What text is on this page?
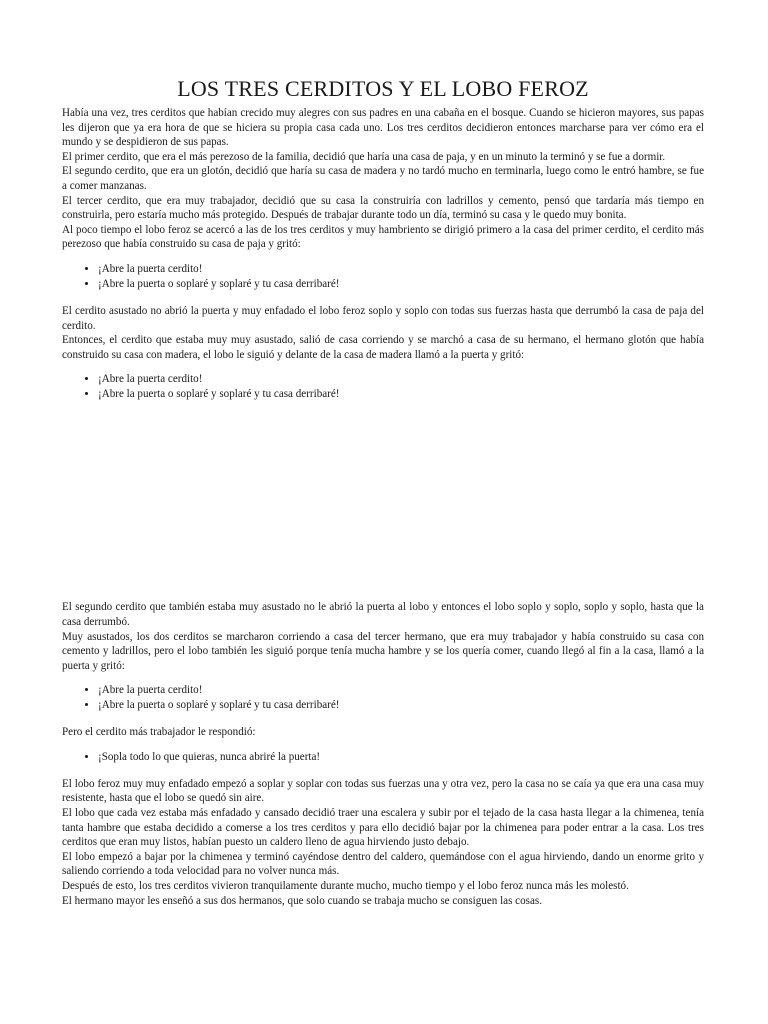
LOS TRES CERDITOS Y EL LOBO FEROZ

Había una vez, tres cerditos que habían crecido muy alegres con sus padres en una cabaña en el bosque. Cuando se hicieron mayores, sus papas les dijeron que ya era hora de que se hiciera su propia casa cada uno. Los tres cerditos decidieron entonces marcharse para ver cómo era el mundo y se despidieron de sus papas.

El primer cerdito, que era el más perezoso de la familia, decidió que haría una casa de paja, y en un minuto la terminó y se fue a dormir.

El segundo cerdito, que era un glotón, decidió que haría su casa de madera y no tardó mucho en terminarla, luego como le entró hambre, se fue a comer manzanas.

El tercer cerdito, que era muy trabajador, decidió que su casa la construiría con ladrillos y cemento, pensó que tardaría más tiempo en construirla, pero estaría mucho más protegido. Después de trabajar durante todo un día, terminó su casa y le quedo muy bonita.

Al poco tiempo el lobo feroz se acercó a las de los tres cerditos y muy hambriento se dirigió primero a la casa del primer cerdito, el cerdito más perezoso que había construido su casa de paja y gritó:

• ¡Abre la puerta cerdito!
• ¡Abre la puerta o soplaré y soplaré y tu casa derribaré!

El cerdito asustado no abrió la puerta y muy enfadado el lobo feroz soplo y soplo con todas sus fuerzas hasta que derrumbó la casa de paja del cerdito.

Entonces, el cerdito que estaba muy muy asustado, salió de casa corriendo y se marchó a casa de su hermano, el hermano glotón que había construido su casa con madera, el lobo le siguió y delante de la casa de madera llamó a la puerta y gritó:

• ¡Abre la puerta cerdito!
• ¡Abre la puerta o soplaré y soplaré y tu casa derribaré!

El segundo cerdito que también estaba muy asustado no le abrió la puerta al lobo y entonces el lobo soplo y soplo, soplo y soplo, hasta que la casa derrumbó.

Muy asustados, los dos cerditos se marcharon corriendo a casa del tercer hermano, que era muy trabajador y había construido su casa con cemento y ladrillos, pero el lobo también les siguió porque tenía mucha hambre y se los quería comer, cuando llegó al fin a la casa, llamó a la puerta y gritó:

• ¡Abre la puerta cerdito!
• ¡Abre la puerta o soplaré y soplaré y tu casa derribaré!

Pero el cerdito más trabajador le respondió:

• ¡Sopla todo lo que quieras, nunca abriré la puerta!

El lobo feroz muy muy enfadado empezó a soplar y soplar con todas sus fuerzas una y otra vez, pero la casa no se caía ya que era una casa muy resistente, hasta que el lobo se quedó sin aire.

El lobo que cada vez estaba más enfadado y cansado decidió traer una escalera y subir por el tejado de la casa hasta llegar a la chimenea, tenía tanta hambre que estaba decidido a comerse a los tres cerditos y para ello decidió bajar por la chimenea para poder entrar a la casa. Los tres cerditos que eran muy listos, habían puesto un caldero lleno de agua hirviendo justo debajo.

El lobo empezó a bajar por la chimenea y terminó cayéndose dentro del caldero, quemándose con el agua hirviendo, dando un enorme grito y saliendo corriendo a toda velocidad para no volver nunca más.

Después de esto, los tres cerditos vivieron tranquilamente durante mucho, mucho tiempo y el lobo feroz nunca más les molestó.

El hermano mayor les enseñó a sus dos hermanos, que solo cuando se trabaja mucho se consiguen las cosas.
